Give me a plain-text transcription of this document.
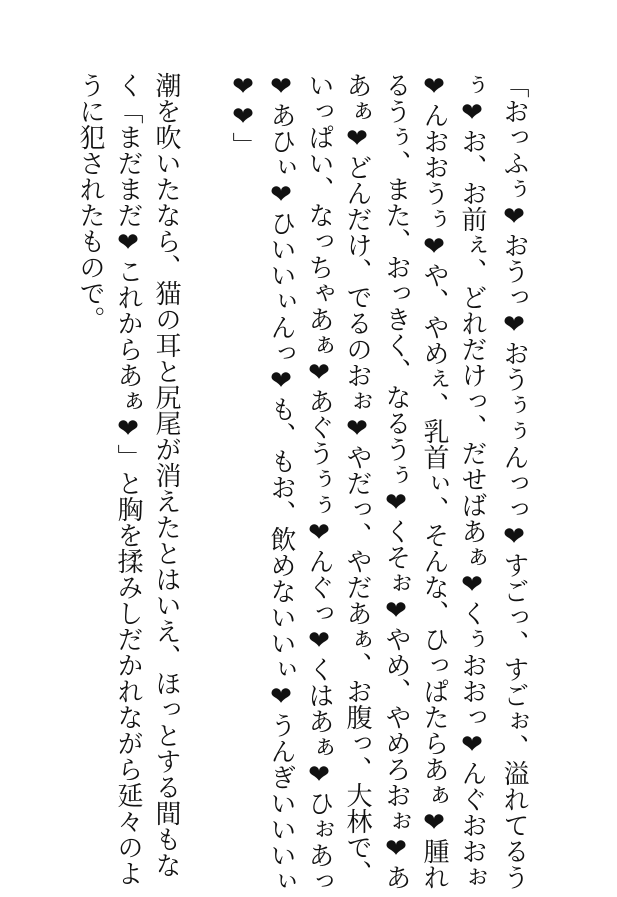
「おっふぅ❤おうっ❤おうぅぅんっっ❤すごっ、すごぉ、溢れてるう
ぅ❤お、お前ぇ、どれだけっ、だせばあぁ❤くぅおおっ❤んぐおおぉ
❤んおおうぅ❤や、やめぇ、乳首ぃ、そんな、ひっぱたらあぁ❤腫れ
るうぅ、また、おっきく、なるうぅ❤くそぉ❤やめ、やめろおぉ❤あ
あぁ❤どんだけ、でるのおぉ❤やだっ、やだあぁ、お腹っ、大林で、
いっぱい、なっちゃあぁ❤あぐうぅぅ❤んぐっ❤くはあぁ❤ひぉあっ
❤あひぃ❤ひいいぃんっ❤も、もお、飲めないいぃ❤うんぎいいいぃ
❤❤」
潮を吹いたなら、猫の耳と尻尾が消えたとはいえ、ほっとする間もな
く「まだまだ❤これからあぁ❤」と胸を揉みしだかれながら延々のよ
うに犯されたもので。
